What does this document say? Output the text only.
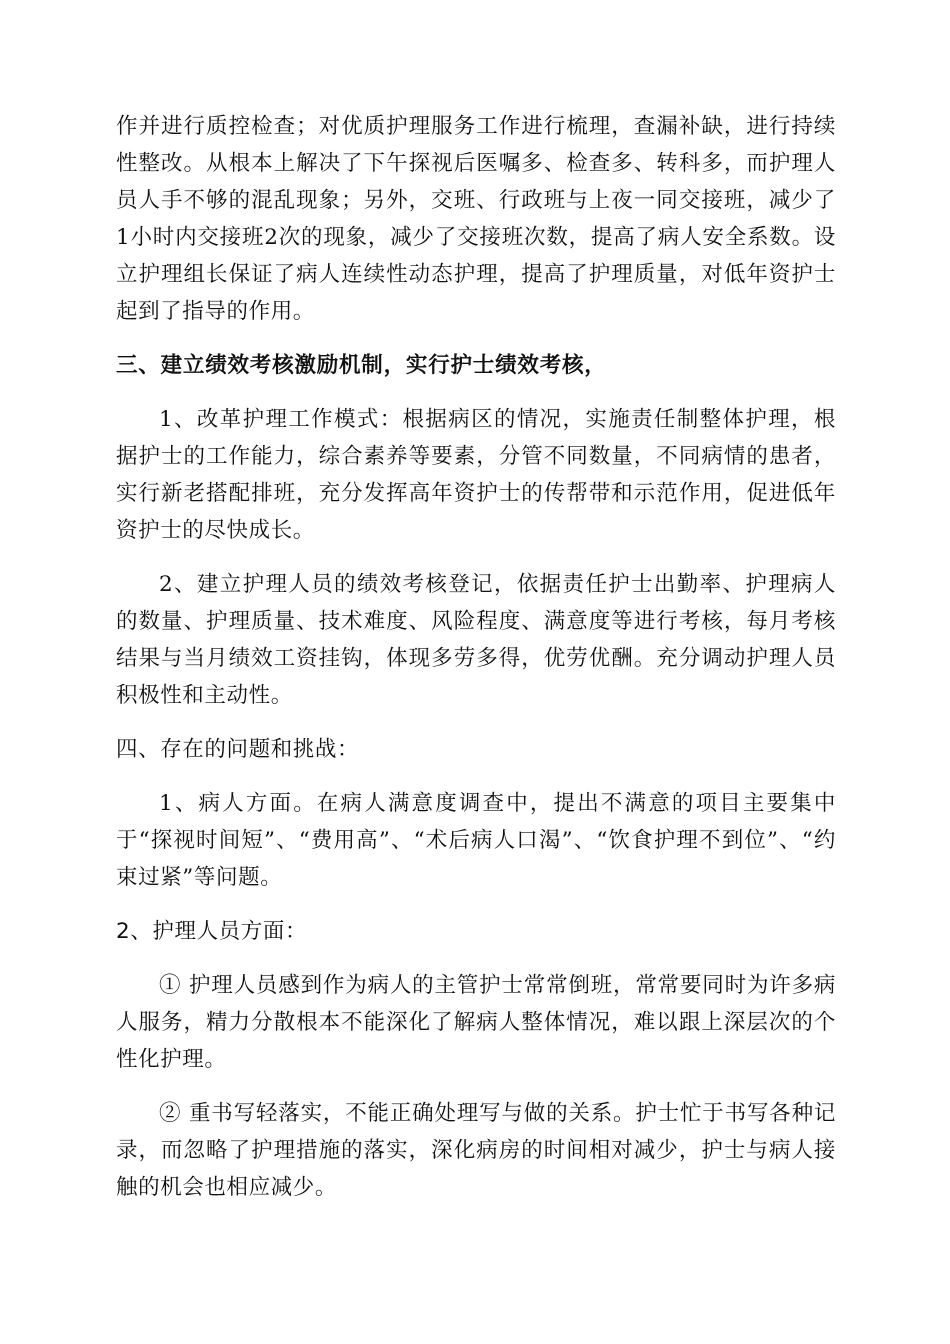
作并进行质控检查；对优质护理服务工作进行梳理，查漏补缺，进行持续性整改。从根本上解决了下午探视后医嘱多、检查多、转科多，而护理人员人手不够的混乱现象；另外，交班、行政班与上夜一同交接班，减少了1小时内交接班2次的现象，减少了交接班次数，提高了病人安全系数。设立护理组长保证了病人连续性动态护理，提高了护理质量，对低年资护士起到了指导的作用。

三、建立绩效考核激励机制，实行护士绩效考核，

1、改革护理工作模式：根据病区的情况，实施责任制整体护理，根据护士的工作能力，综合素养等要素，分管不同数量，不同病情的患者，实行新老搭配排班，充分发挥高年资护士的传帮带和示范作用，促进低年资护士的尽快成长。

2、建立护理人员的绩效考核登记，依据责任护士出勤率、护理病人的数量、护理质量、技术难度、风险程度、满意度等进行考核，每月考核结果与当月绩效工资挂钩，体现多劳多得，优劳优酬。充分调动护理人员积极性和主动性。

四、存在的问题和挑战：

1、病人方面。在病人满意度调查中，提出不满意的项目主要集中于“探视时间短”、“费用高”、“术后病人口渴”、“饮食护理不到位”、“约束过紧”等问题。

2、护理人员方面：

① 护理人员感到作为病人的主管护士常常倒班，常常要同时为许多病人服务，精力分散根本不能深化了解病人整体情况，难以跟上深层次的个性化护理。

② 重书写轻落实，不能正确处理写与做的关系。护士忙于书写各种记录，而忽略了护理措施的落实，深化病房的时间相对减少，护士与病人接触的机会也相应减少。
